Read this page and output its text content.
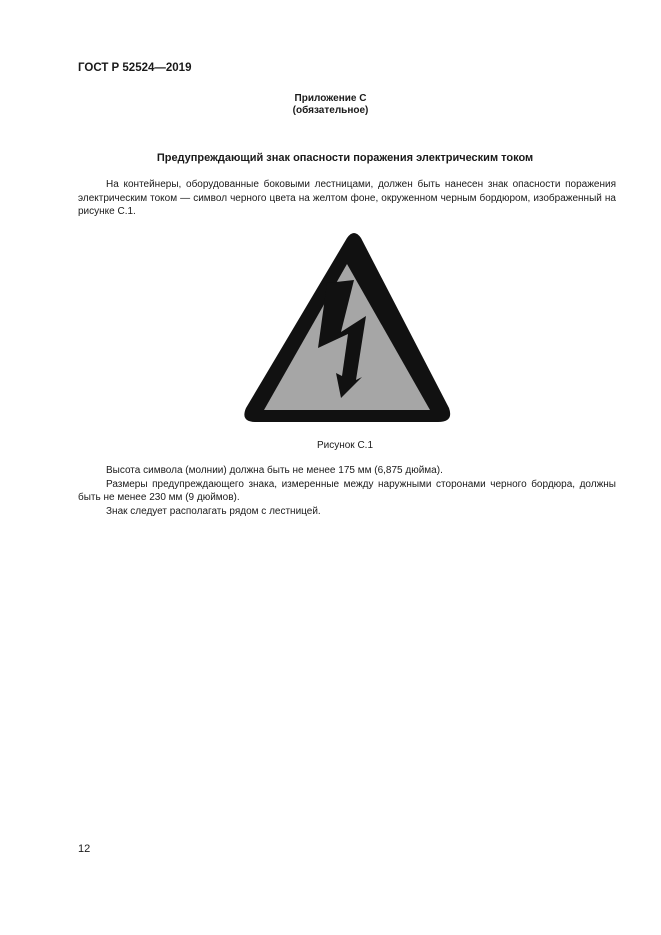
ГОСТ Р 52524—2019
Приложение С
(обязательное)
Предупреждающий знак опасности поражения электрическим током

На контейнеры, оборудованные боковыми лестницами, должен быть нанесен знак опасности поражения электрическим током — символ черного цвета на желтом фоне, окруженном черным бордюром, изображенный на рисунке С.1.

Рисунок С.1

Высота символа (молнии) должна быть не менее 175 мм (6,875 дюйма).

Размеры предупреждающего знака, измеренные между наружными сторонами черного бордюра, должны быть не менее 230 мм (9 дюймов).

Знак следует располагать рядом с лестницей.

12
